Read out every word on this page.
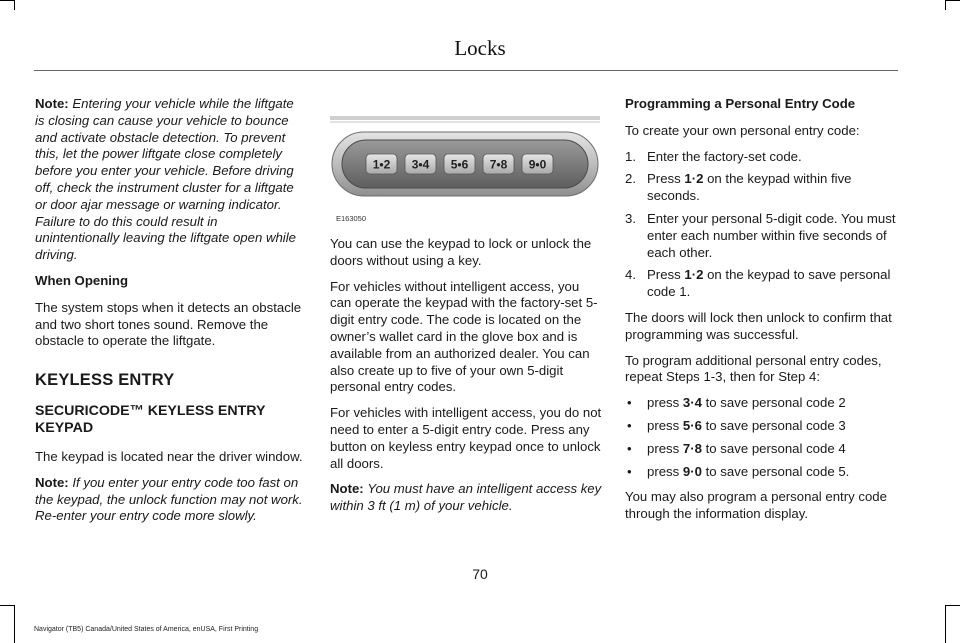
Locks

Note: Entering your vehicle while the liftgate is closing can cause your vehicle to bounce and activate obstacle detection. To prevent this, let the power liftgate close completely before you enter your vehicle. Before driving off, check the instrument cluster for a liftgate or door ajar message or warning indicator. Failure to do this could result in unintentionally leaving the liftgate open while driving.

When Opening

The system stops when it detects an obstacle and two short tones sound. Remove the obstacle to operate the liftgate.

KEYLESS ENTRY

SECURICODE™ KEYLESS ENTRY KEYPAD

The keypad is located near the driver window.

Note: If you enter your entry code too fast on the keypad, the unlock function may not work. Re-enter your entry code more slowly.

1•2 3•4 5•6 7•8 9•0
E163050

You can use the keypad to lock or unlock the doors without using a key.

For vehicles without intelligent access, you can operate the keypad with the factory-set 5-digit entry code. The code is located on the owner’s wallet card in the glove box and is available from an authorized dealer. You can also create up to five of your own 5-digit personal entry codes.

For vehicles with intelligent access, you do not need to enter a 5-digit entry code. Press any button on keyless entry keypad once to unlock all doors.

Note: You must have an intelligent access key within 3 ft (1 m) of your vehicle.

Programming a Personal Entry Code

To create your own personal entry code:

1. Enter the factory-set code.
2. Press 1·2 on the keypad within five seconds.
3. Enter your personal 5-digit code. You must enter each number within five seconds of each other.
4. Press 1·2 on the keypad to save personal code 1.

The doors will lock then unlock to confirm that programming was successful.

To program additional personal entry codes, repeat Steps 1-3, then for Step 4:

• press 3·4 to save personal code 2
• press 5·6 to save personal code 3
• press 7·8 to save personal code 4
• press 9·0 to save personal code 5.

You may also program a personal entry code through the information display.

70
Navigator (TB5) Canada/United States of America, enUSA, First Printing
